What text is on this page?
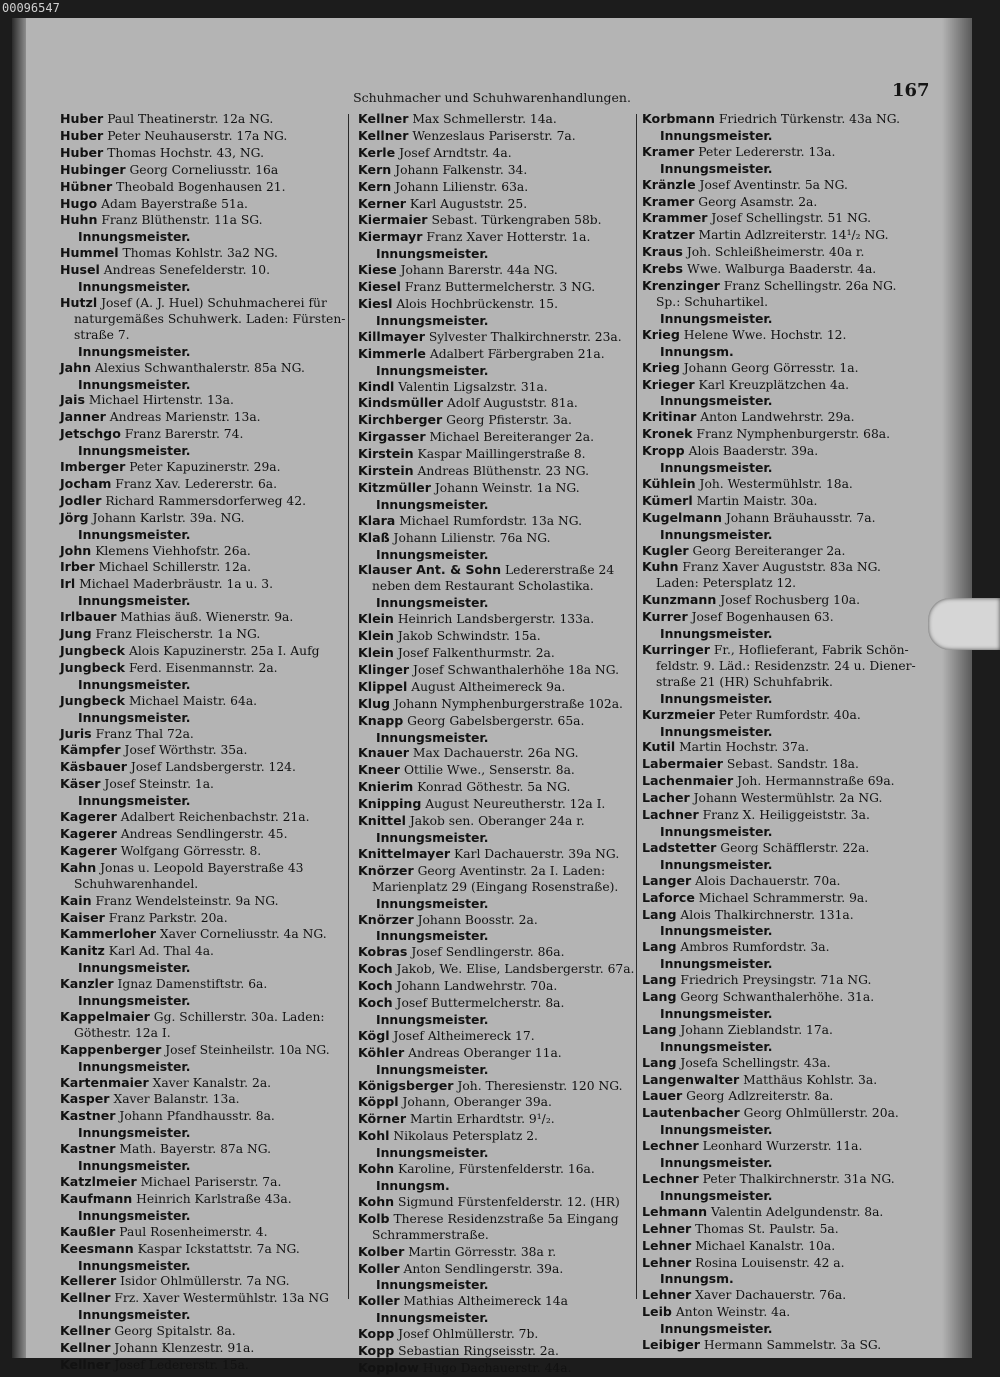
Schuhmacher und Schuhwarenhandlungen.	167
Huber Paul Theatinerstr. 12a NG.
Huber Peter Neuhauserstr. 17a NG.
Huber Thomas Hochstr. 43, NG.
Hubinger Georg Corneliusstr. 16a
Hübner Theobald Bogenhausen 21.
Hugo Adam Bayerstraße 51a.
Huhn Franz Blüthenstr. 11a SG.
Innungsmeister.
Hummel Thomas Kohlstr. 3a2 NG.
Husel Andreas Senefelderstr. 10.
Innungsmeister.
Hutzl Josef (A. J. Huel) Schuhmacherei für
naturgemäßes Schuhwerk. Laden: Fürsten-
straße 7.
Innungsmeister.
Jahn Alexius Schwanthalerstr. 85a NG.
Innungsmeister.
Jais Michael Hirtenstr. 13a.
Janner Andreas Marienstr. 13a.
Jetschgo Franz Barerstr. 74.
Innungsmeister.
Imberger Peter Kapuzinerstr. 29a.
Jocham Franz Xav. Ledererstr. 6a.
Jodler Richard Rammersdorferweg 42.
Jörg Johann Karlstr. 39a. NG.
Innungsmeister.
John Klemens Viehhofstr. 26a.
Irber Michael Schillerstr. 12a.
Irl Michael Maderbräustr. 1a u. 3.
Innungsmeister.
Irlbauer Mathias äuß. Wienerstr. 9a.
Jung Franz Fleischerstr. 1a NG.
Jungbeck Alois Kapuzinerstr. 25a I. Aufg
Jungbeck Ferd. Eisenmannstr. 2a.
Innungsmeister.
Jungbeck Michael Maistr. 64a.
Innungsmeister.
Juris Franz Thal 72a.
Kämpfer Josef Wörthstr. 35a.
Käsbauer Josef Landsbergerstr. 124.
Käser Josef Steinstr. 1a.
Innungsmeister.
Kagerer Adalbert Reichenbachstr. 21a.
Kagerer Andreas Sendlingerstr. 45.
Kagerer Wolfgang Görresstr. 8.
Kahn Jonas u. Leopold Bayerstraße 43
Schuhwarenhandel.
Kain Franz Wendelsteinstr. 9a NG.
Kaiser Franz Parkstr. 20a.
Kammerloher Xaver Corneliusstr. 4a NG.
Kanitz Karl Ad. Thal 4a.
Innungsmeister.
Kanzler Ignaz Damenstiftstr. 6a.
Innungsmeister.
Kappelmaier Gg. Schillerstr. 30a. Laden:
Göthestr. 12a I.
Kappenberger Josef Steinheilstr. 10a NG.
Innungsmeister.
Kartenmaier Xaver Kanalstr. 2a.
Kasper Xaver Balanstr. 13a.
Kastner Johann Pfandhausstr. 8a.
Innungsmeister.
Kastner Math. Bayerstr. 87a NG.
Innungsmeister.
Katzlmeier Michael Pariserstr. 7a.
Kaufmann Heinrich Karlstraße 43a.
Innungsmeister.
Kaußler Paul Rosenheimerstr. 4.
Keesmann Kaspar Ickstattstr. 7a NG.
Innungsmeister.
Kellerer Isidor Ohlmüllerstr. 7a NG.
Kellner Frz. Xaver Westermühlstr. 13a NG
Innungsmeister.
Kellner Georg Spitalstr. 8a.
Kellner Johann Klenzestr. 91a.
Kellner Josef Ledererstr. 15a.
Kellner Max Schmellerstr. 14a.
Kellner Wenzeslaus Pariserstr. 7a.
Kerle Josef Arndtstr. 4a.
Kern Johann Falkenstr. 34.
Kern Johann Lilienstr. 63a.
Kerner Karl Auguststr. 25.
Kiermaier Sebast. Türkengraben 58b.
Kiermayr Franz Xaver Hotterstr. 1a.
Innungsmeister.
Kiese Johann Barerstr. 44a NG.
Kiesel Franz Buttermelcherstr. 3 NG.
Kiesl Alois Hochbrückenstr. 15.
Innungsmeister.
Killmayer Sylvester Thalkirchnerstr. 23a.
Kimmerle Adalbert Färbergraben 21a.
Innungsmeister.
Kindl Valentin Ligsalzstr. 31a.
Kindsmüller Adolf Auguststr. 81a.
Kirchberger Georg Pfisterstr. 3a.
Kirgasser Michael Bereiteranger 2a.
Kirstein Kaspar Maillingerstraße 8.
Kirstein Andreas Blüthenstr. 23 NG.
Kitzmüller Johann Weinstr. 1a NG.
Innungsmeister.
Klara Michael Rumfordstr. 13a NG.
Klaß Johann Lilienstr. 76a NG.
Innungsmeister.
Klauser Ant. & Sohn Ledererstraße 24
neben dem Restaurant Scholastika.
Innungsmeister.
Klein Heinrich Landsbergerstr. 133a.
Klein Jakob Schwindstr. 15a.
Klein Josef Falkenthurmstr. 2a.
Klinger Josef Schwanthalerhöhe 18a NG.
Klippel August Altheimereck 9a.
Klug Johann Nymphenburgerstraße 102a.
Knapp Georg Gabelsbergerstr. 65a.
Innungsmeister.
Knauer Max Dachauerstr. 26a NG.
Kneer Ottilie Wwe., Senserstr. 8a.
Knierim Konrad Göthestr. 5a NG.
Knipping August Neureutherstr. 12a I.
Knittel Jakob sen. Oberanger 24a r.
Innungsmeister.
Knittelmayer Karl Dachauerstr. 39a NG.
Knörzer Georg Aventinstr. 2a I. Laden:
Marienplatz 29 (Eingang Rosenstraße).
Innungsmeister.
Knörzer Johann Boosstr. 2a.
Innungsmeister.
Kobras Josef Sendlingerstr. 86a.
Koch Jakob, We. Elise, Landsbergerstr. 67a.
Koch Johann Landwehrstr. 70a.
Koch Josef Buttermelcherstr. 8a.
Innungsmeister.
Kögl Josef Altheimereck 17.
Köhler Andreas Oberanger 11a.
Innungsmeister.
Königsberger Joh. Theresienstr. 120 NG.
Köppl Johann, Oberanger 39a.
Körner Martin Erhardtstr. 9¹/₂.
Kohl Nikolaus Petersplatz 2.
Innungsmeister.
Kohn Karoline, Fürstenfelderstr. 16a.
Innungsm.
Kohn Sigmund Fürstenfelderstr. 12. (HR)
Kolb Therese Residenzstraße 5a Eingang
Schrammerstraße.
Kolber Martin Görresstr. 38a r.
Koller Anton Sendlingerstr. 39a.
Innungsmeister.
Koller Mathias Altheimereck 14a
Innungsmeister.
Kopp Josef Ohlmüllerstr. 7b.
Kopp Sebastian Ringseisstr. 2a.
Kopplow Hugo Dachauerstr. 44a.
Korbmann Friedrich Türkenstr. 43a NG.
Innungsmeister.
Kramer Peter Ledererstr. 13a.
Innungsmeister.
Kränzle Josef Aventinstr. 5a NG.
Kramer Georg Asamstr. 2a.
Krammer Josef Schellingstr. 51 NG.
Kratzer Martin Adlzreiterstr. 14¹/₂ NG.
Kraus Joh. Schleißheimerstr. 40a r.
Krebs Wwe. Walburga Baaderstr. 4a.
Krenzinger Franz Schellingstr. 26a NG.
Sp.: Schuhartikel.
Innungsmeister.
Krieg Helene Wwe. Hochstr. 12.
Innungsm.
Krieg Johann Georg Görresstr. 1a.
Krieger Karl Kreuzplätzchen 4a.
Innungsmeister.
Kritinar Anton Landwehrstr. 29a.
Kronek Franz Nymphenburgerstr. 68a.
Kropp Alois Baaderstr. 39a.
Innungsmeister.
Kühlein Joh. Westermühlstr. 18a.
Kümerl Martin Maistr. 30a.
Kugelmann Johann Bräuhausstr. 7a.
Innungsmeister.
Kugler Georg Bereiteranger 2a.
Kuhn Franz Xaver Auguststr. 83a NG.
Laden: Petersplatz 12.
Kunzmann Josef Rochusberg 10a.
Kurrer Josef Bogenhausen 63.
Innungsmeister.
Kurringer Fr., Hoflieferant, Fabrik Schön-
feldstr. 9. Läd.: Residenzstr. 24 u. Diener-
straße 21 (HR) Schuhfabrik.
Innungsmeister.
Kurzmeier Peter Rumfordstr. 40a.
Innungsmeister.
Kutil Martin Hochstr. 37a.
Labermaier Sebast. Sandstr. 18a.
Lachenmaier Joh. Hermannstraße 69a.
Lacher Johann Westermühlstr. 2a NG.
Lachner Franz X. Heiliggeiststr. 3a.
Innungsmeister.
Ladstetter Georg Schäfflerstr. 22a.
Innungsmeister.
Langer Alois Dachauerstr. 70a.
Laforce Michael Schrammerstr. 9a.
Lang Alois Thalkirchnerstr. 131a.
Innungsmeister.
Lang Ambros Rumfordstr. 3a.
Innungsmeister.
Lang Friedrich Preysingstr. 71a NG.
Lang Georg Schwanthalerhöhe. 31a.
Innungsmeister.
Lang Johann Zieblandstr. 17a.
Innungsmeister.
Lang Josefa Schellingstr. 43a.
Langenwalter Matthäus Kohlstr. 3a.
Lauer Georg Adlzreiterstr. 8a.
Lautenbacher Georg Ohlmüllerstr. 20a.
Innungsmeister.
Lechner Leonhard Wurzerstr. 11a.
Innungsmeister.
Lechner Peter Thalkirchnerstr. 31a NG.
Innungsmeister.
Lehmann Valentin Adelgundenstr. 8a.
Lehner Thomas St. Paulstr. 5a.
Lehner Michael Kanalstr. 10a.
Lehner Rosina Louisenstr. 42 a.
Innungsm.
Lehner Xaver Dachauerstr. 76a.
Leib Anton Weinstr. 4a.
Innungsmeister.
Leibiger Hermann Sammelstr. 3a SG.
00096547
